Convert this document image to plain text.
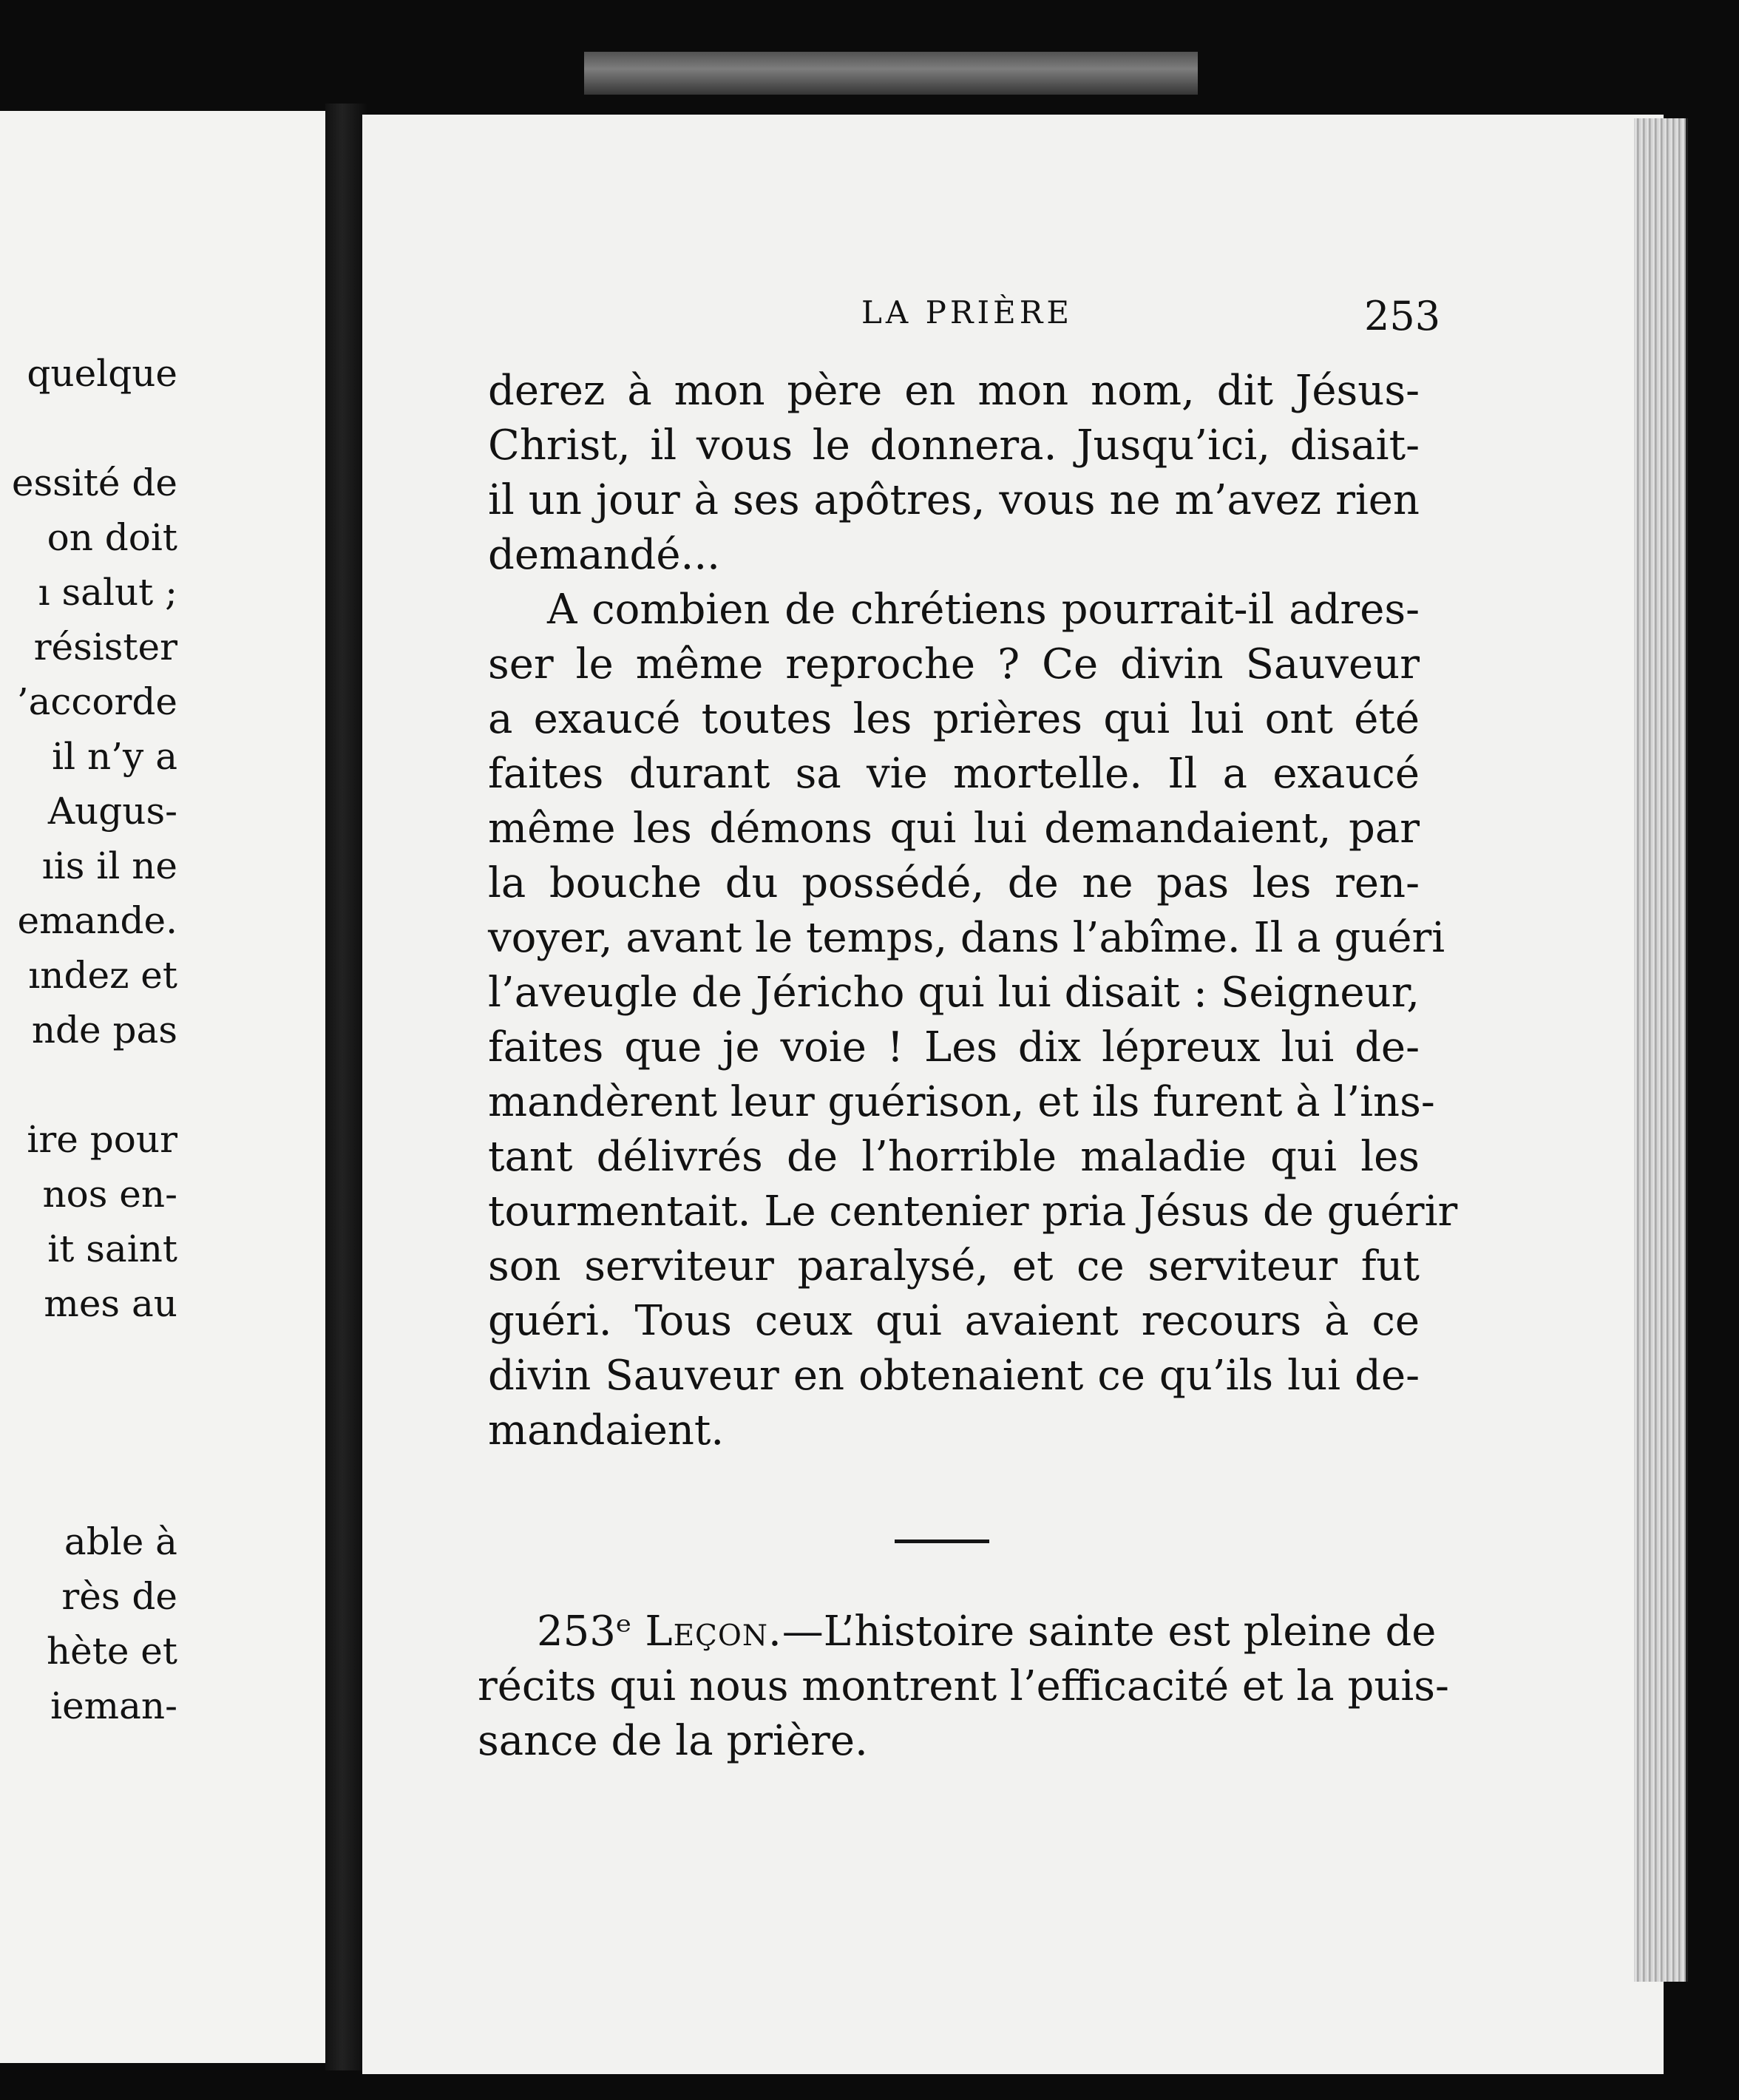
quelque
essité de
on doit
ı salut ;
résister
’accorde
il n’y a
Augus-
ıis il ne
emande.
ındez et
nde pas
ire pour
nos en-
it saint
mes au
able à
rès de
hète et
ieman-
LA PRIÈRE	253
derez à mon père en mon nom, dit Jésus-
Christ, il vous le donnera. Jusqu’ici, disait-
il un jour à ses apôtres, vous ne m’avez rien
demandé...
A combien de chrétiens pourrait-il adres-
ser le même reproche ? Ce divin Sauveur
a exaucé toutes les prières qui lui ont été
faites durant sa vie mortelle. Il a exaucé
même les démons qui lui demandaient, par
la bouche du possédé, de ne pas les ren-
voyer, avant le temps, dans l’abîme. Il a guéri
l’aveugle de Jéricho qui lui disait : Seigneur,
faites que je voie ! Les dix lépreux lui de-
mandèrent leur guérison, et ils furent à l’ins-
tant délivrés de l’horrible maladie qui les
tourmentait. Le centenier pria Jésus de guérir
son serviteur paralysé, et ce serviteur fut
guéri. Tous ceux qui avaient recours à ce
divin Sauveur en obtenaient ce qu’ils lui de-
mandaient.
253ᵉ Leçon.—L’histoire sainte est pleine de
récits qui nous montrent l’efficacité et la puis-
sance de la prière.
